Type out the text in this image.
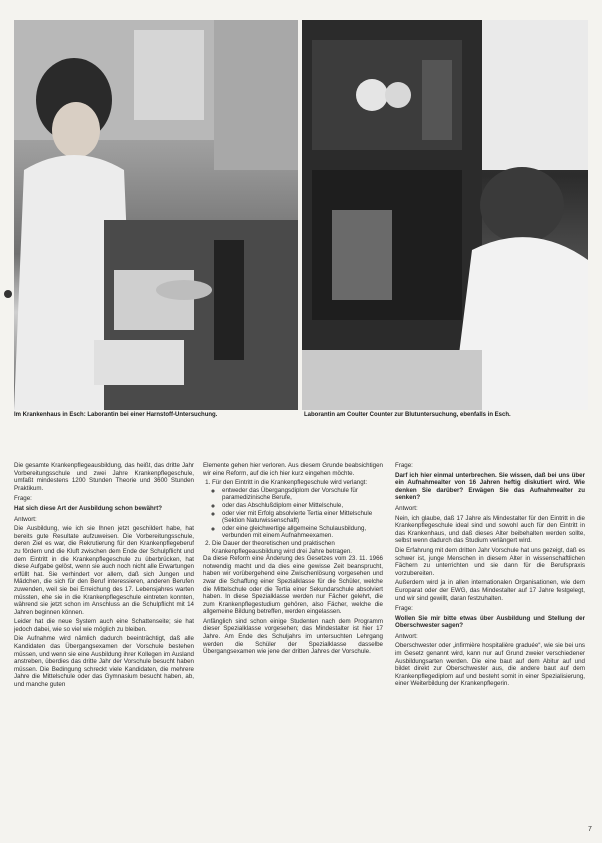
Im Krankenhaus in Esch: Laborantin bei einer Harnstoff-Untersuchung.	Laborantin am Coulter Counter zur Blutuntersuchung, ebenfalls in Esch.

Die gesamte Krankenpflegeausbildung, das heißt, das dritte Jahr Vorbereitungsschule und zwei Jahre Krankenpflegeschule, umfaßt mindestens 1200 Stunden Theorie und 3600 Stunden Praktikum.

Frage:

Hat sich diese Art der Ausbildung schon bewährt?

Antwort:

Die Ausbildung, wie ich sie Ihnen jetzt geschildert habe, hat bereits gute Resultate aufzuweisen. Die Vorbereitungsschule, deren Ziel es war, die Rekrutierung für den Krankenpflegeberuf zu fördern und die Kluft zwischen dem Ende der Schulpflicht und dem Eintritt in die Krankenpflegeschule zu überbrücken, hat diese Aufgabe gelöst, wenn sie auch noch nicht alle Erwartungen erfüllt hat. Sie verhindert vor allem, daß sich Jungen und Mädchen, die sich für den Beruf interessieren, anderen Berufen zuwenden, weil sie bei Erreichung des 17. Lebensjahres warten müssten, ehe sie in die Krankenpflegeschule eintreten konnten, während sie jetzt schon im Anschluss an die Schulpflicht mit 14 Jahren beginnen können.

Leider hat die neue System auch eine Schattenseite; sie hat jedoch dabei, wie so viel wie möglich zu bleiben.

Die Aufnahme wird nämlich dadurch beeinträchtigt, daß alle Kandidaten das Übergangsexamen der Vorschule bestehen müssen, und wenn sie eine Ausbildung ihrer Kollegen im Ausland anstreben, überdies das dritte Jahr der Vorschule besucht haben müssen. Die Bedingung schreckt viele Kandidaten, die mehrere Jahre die Mittelschule oder das Gymnasium besucht haben, ab, und manche guten

Elemente gehen hier verloren. Aus diesem Grunde beabsichtigen wir eine Reform, auf die ich hier kurz eingehen möchte.

1. Für den Eintritt in die Krankenpflegeschule wird verlangt:
◦ entweder das Übergangsdiplom der Vorschule für paramedizinische Berufe,
◦ oder das Abschlußdiplom einer Mittelschule,
◦ oder vier mit Erfolg absolvierte Tertia einer Mittelschule (Sektion Naturwissenschaft)
◦ oder eine gleichwertige allgemeine Schulausbildung, verbunden mit einem Aufnahmeexamen.
2. Die Dauer der theoretischen und praktischen Krankenpflegeausbildung wird drei Jahre betragen.

Da diese Reform eine Änderung des Gesetzes vom 23. 11. 1966 notwendig macht und da dies eine gewisse Zeit beansprucht, haben wir vorübergehend eine Zwischenlösung vorgesehen und zwar die Schaffung einer Spezialklasse für die Schüler, welche die Mittelschule oder die Tertia einer Sekundarschule absolviert haben. In diese Spezialklasse werden nur Fächer gelehrt, die zum Krankenpflegestudium gehören, also Fächer, welche die allgemeine Bildung betreffen, werden eingelassen.

Anfänglich sind schon einige Studenten nach dem Programm dieser Spezialklasse vorgesehen; das Mindestalter ist hier 17 Jahre. Am Ende des Schuljahrs im untersuchten Lehrgang werden die Schüler der Spezialklasse dasselbe Übergangsexamen wie jene der dritten Jahres der Vorschule.

Frage:

Darf ich hier einmal unterbrechen. Sie wissen, daß bei uns über ein Aufnahmealter von 16 Jahren heftig diskutiert wird. Wie denken Sie darüber? Erwägen Sie das Aufnahmealter zu senken?

Antwort:

Nein, ich glaube, daß 17 Jahre als Mindestalter für den Eintritt in die Krankenpflegeschule ideal sind und sowohl auch für den Eintritt in das Krankenhaus, und daß dieses Alter beibehalten werden sollte, selbst wenn dadurch das Studium verlängert wird.

Die Erfahrung mit dem dritten Jahr Vorschule hat uns gezeigt, daß es schwer ist, junge Menschen in diesem Alter in wissenschaftlichen Fächern zu unterrichten und sie dann für die Berufspraxis vorzubereiten.

Außerdem wird ja in allen internationalen Organisationen, wie dem Europarat oder der EWG, das Mindestalter auf 17 Jahre festgelegt, und wir sind gewillt, daran festzuhalten.

Frage:

Wollen Sie mir bitte etwas über Ausbildung und Stellung der Oberschwester sagen?

Antwort:

Oberschwester oder „infirmière hospitalière graduée“, wie sie bei uns im Gesetz genannt wird, kann nur auf Grund zweier verschiedener Ausbildungsarten werden. Die eine baut auf dem Abitur auf und bildet direkt zur Oberschwester aus, die andere baut auf dem Krankenpflegediplom auf und besteht somit in einer Spezialisierung, einer Weiterbildung der Krankenpflegerin.

7
